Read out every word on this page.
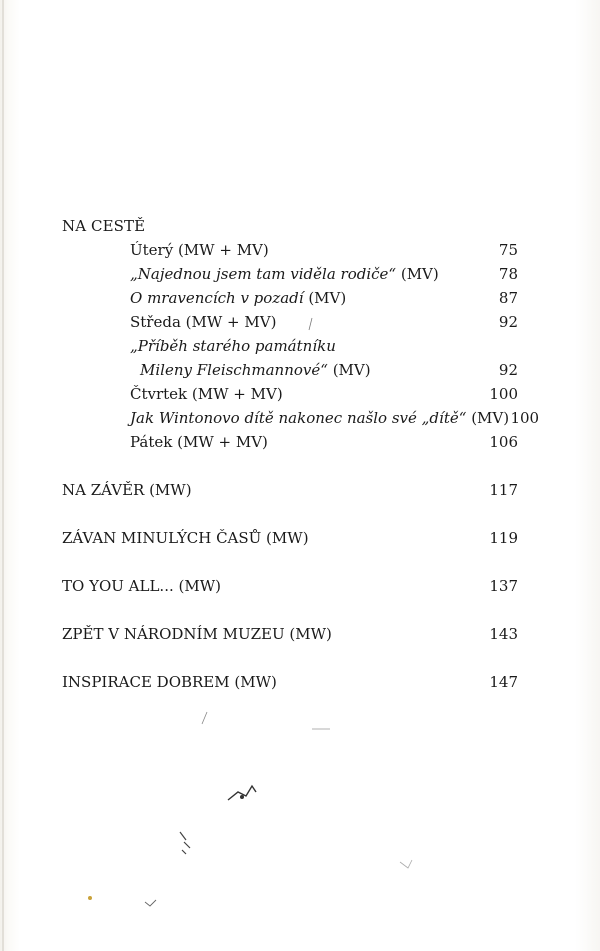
NA CESTĚ
Úterý (MW + MV)	75
„Najednou jsem tam viděla rodiče“ (MV)	78
O mravencích v pozadí (MV)	87
Středa (MW + MV)	92
„Příběh starého památníku
Mileny Fleischmannové“ (MV)	92
Čtvrtek (MW + MV)	100
Jak Wintonovo dítě nakonec našlo své „dítě“ (MV) 100
Pátek (MW + MV)	106
NA ZÁVĚR (MW)	117
ZÁVAN MINULÝCH ČASŮ (MW)	119
TO YOU ALL... (MW)	137
ZPĚT V NÁRODNÍM MUZEU (MW)	143
INSPIRACE DOBREM (MW)	147
